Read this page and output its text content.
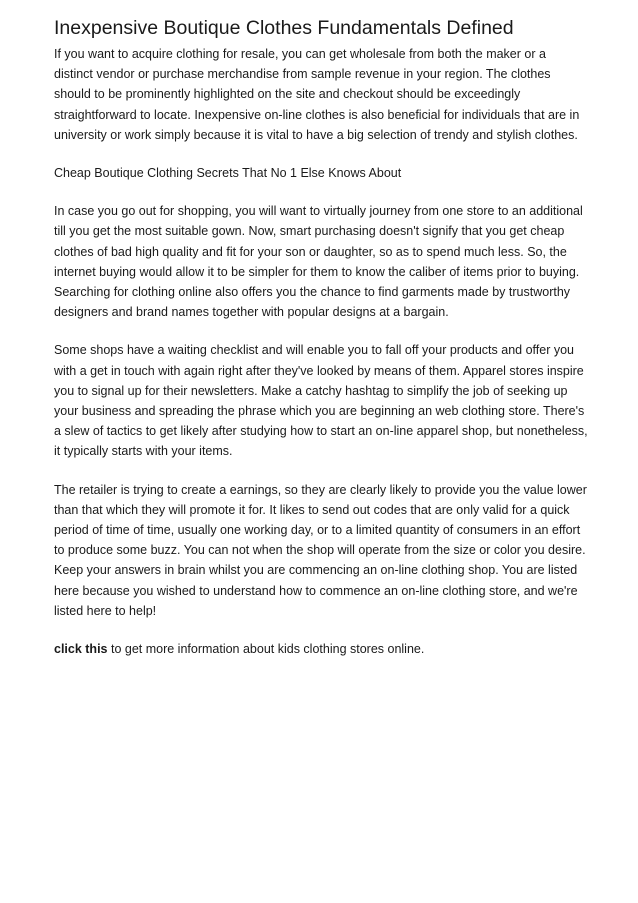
Inexpensive Boutique Clothes Fundamentals Defined

If you want to acquire clothing for resale, you can get wholesale from both the maker or a distinct vendor or purchase merchandise from sample revenue in your region. The clothes should to be prominently highlighted on the site and checkout should be exceedingly straightforward to locate. Inexpensive on-line clothes is also beneficial for individuals that are in university or work simply because it is vital to have a big selection of trendy and stylish clothes.

Cheap Boutique Clothing Secrets That No 1 Else Knows About

In case you go out for shopping, you will want to virtually journey from one store to an additional till you get the most suitable gown. Now, smart purchasing doesn't signify that you get cheap clothes of bad high quality and fit for your son or daughter, so as to spend much less. So, the internet buying would allow it to be simpler for them to know the caliber of items prior to buying. Searching for clothing online also offers you the chance to find garments made by trustworthy designers and brand names together with popular designs at a bargain.

Some shops have a waiting checklist and will enable you to fall off your products and offer you with a get in touch with again right after they've looked by means of them. Apparel stores inspire you to signal up for their newsletters. Make a catchy hashtag to simplify the job of seeking up your business and spreading the phrase which you are beginning an web clothing store. There's a slew of tactics to get likely after studying how to start an on-line apparel shop, but nonetheless, it typically starts with your items.

The retailer is trying to create a earnings, so they are clearly likely to provide you the value lower than that which they will promote it for. It likes to send out codes that are only valid for a quick period of time of time, usually one working day, or to a limited quantity of consumers in an effort to produce some buzz. You can not when the shop will operate from the size or color you desire. Keep your answers in brain whilst you are commencing an on-line clothing shop. You are listed here because you wished to understand how to commence an on-line clothing store, and we're listed here to help!

click this to get more information about kids clothing stores online.
